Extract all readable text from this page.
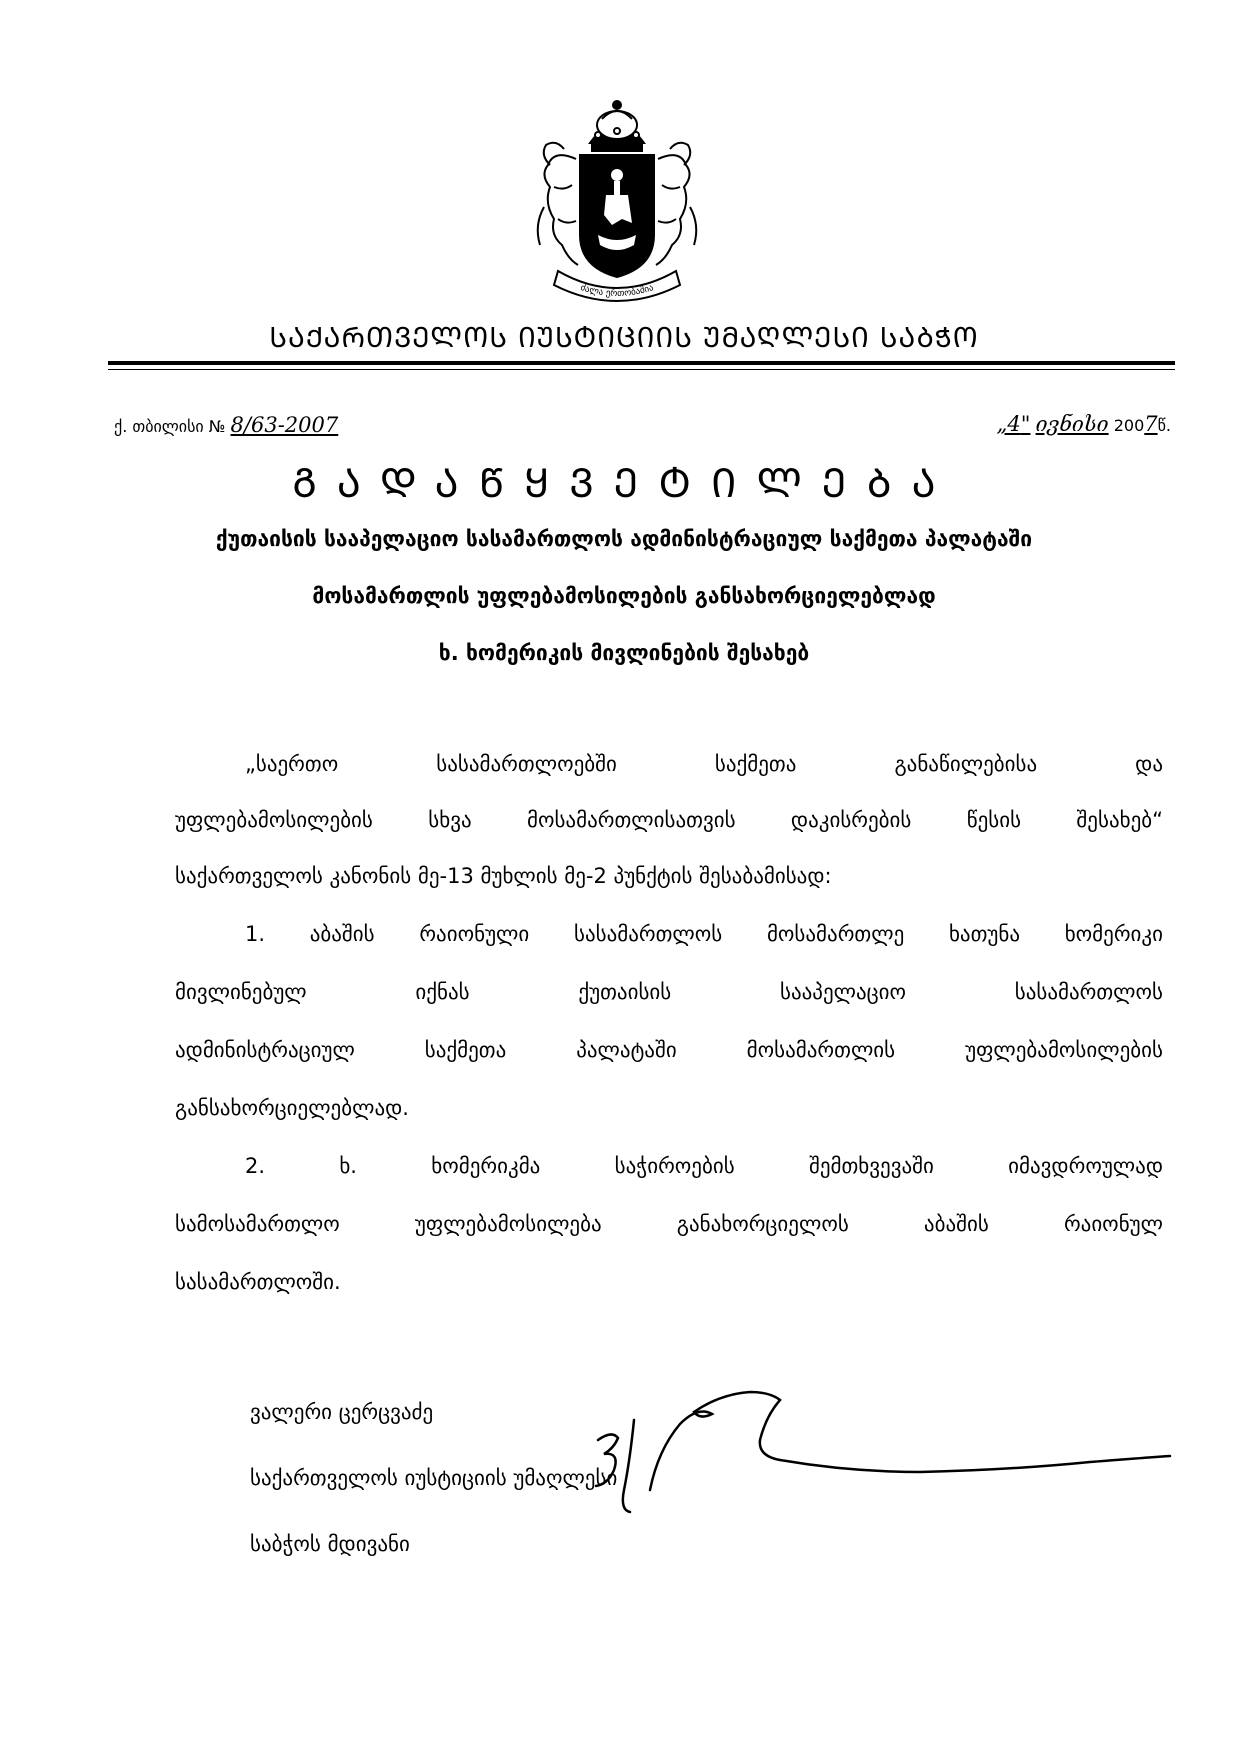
ძალა ერთობაშია
ᲡᲐᲥᲐᲠᲗᲕᲔᲚᲝᲡ ᲘᲣᲡᲢᲘᲪᲘᲘᲡ ᲣᲛᲐᲦᲚᲔᲡᲘ ᲡᲐᲑᲭᲝ
ქ. თბილისი № 8/63-2007	„4" ივნისი 2007წ.
ᲒᲐᲓᲐᲬᲧᲕᲔᲢᲘᲚᲔᲑᲐ
ქუთაისის სააპელაციო სასამართლოს ადმინისტრაციულ საქმეთა პალატაში
მოსამართლის უფლებამოსილების განსახორციელებლად
ხ. ხომერიკის მივლინების შესახებ
„საერთო სასამართლოებში საქმეთა განაწილებისა და
უფლებამოსილების სხვა მოსამართლისათვის დაკისრების წესის შესახებ“
საქართველოს კანონის მე-13 მუხლის მე-2 პუნქტის შესაბამისად:
1. აბაშის რაიონული სასამართლოს მოსამართლე ხათუნა ხომერიკი
მივლინებულ იქნას ქუთაისის სააპელაციო სასამართლოს
ადმინისტრაციულ საქმეთა პალატაში მოსამართლის უფლებამოსილების
განსახორციელებლად.
2. ხ. ხომერიკმა საჭიროების შემთხვევაში იმავდროულად
სამოსამართლო უფლებამოსილება განახორციელოს აბაშის რაიონულ
სასამართლოში.
ვალერი ცერცვაძე
საქართველოს იუსტიციის უმაღლესი
საბჭოს მდივანი
